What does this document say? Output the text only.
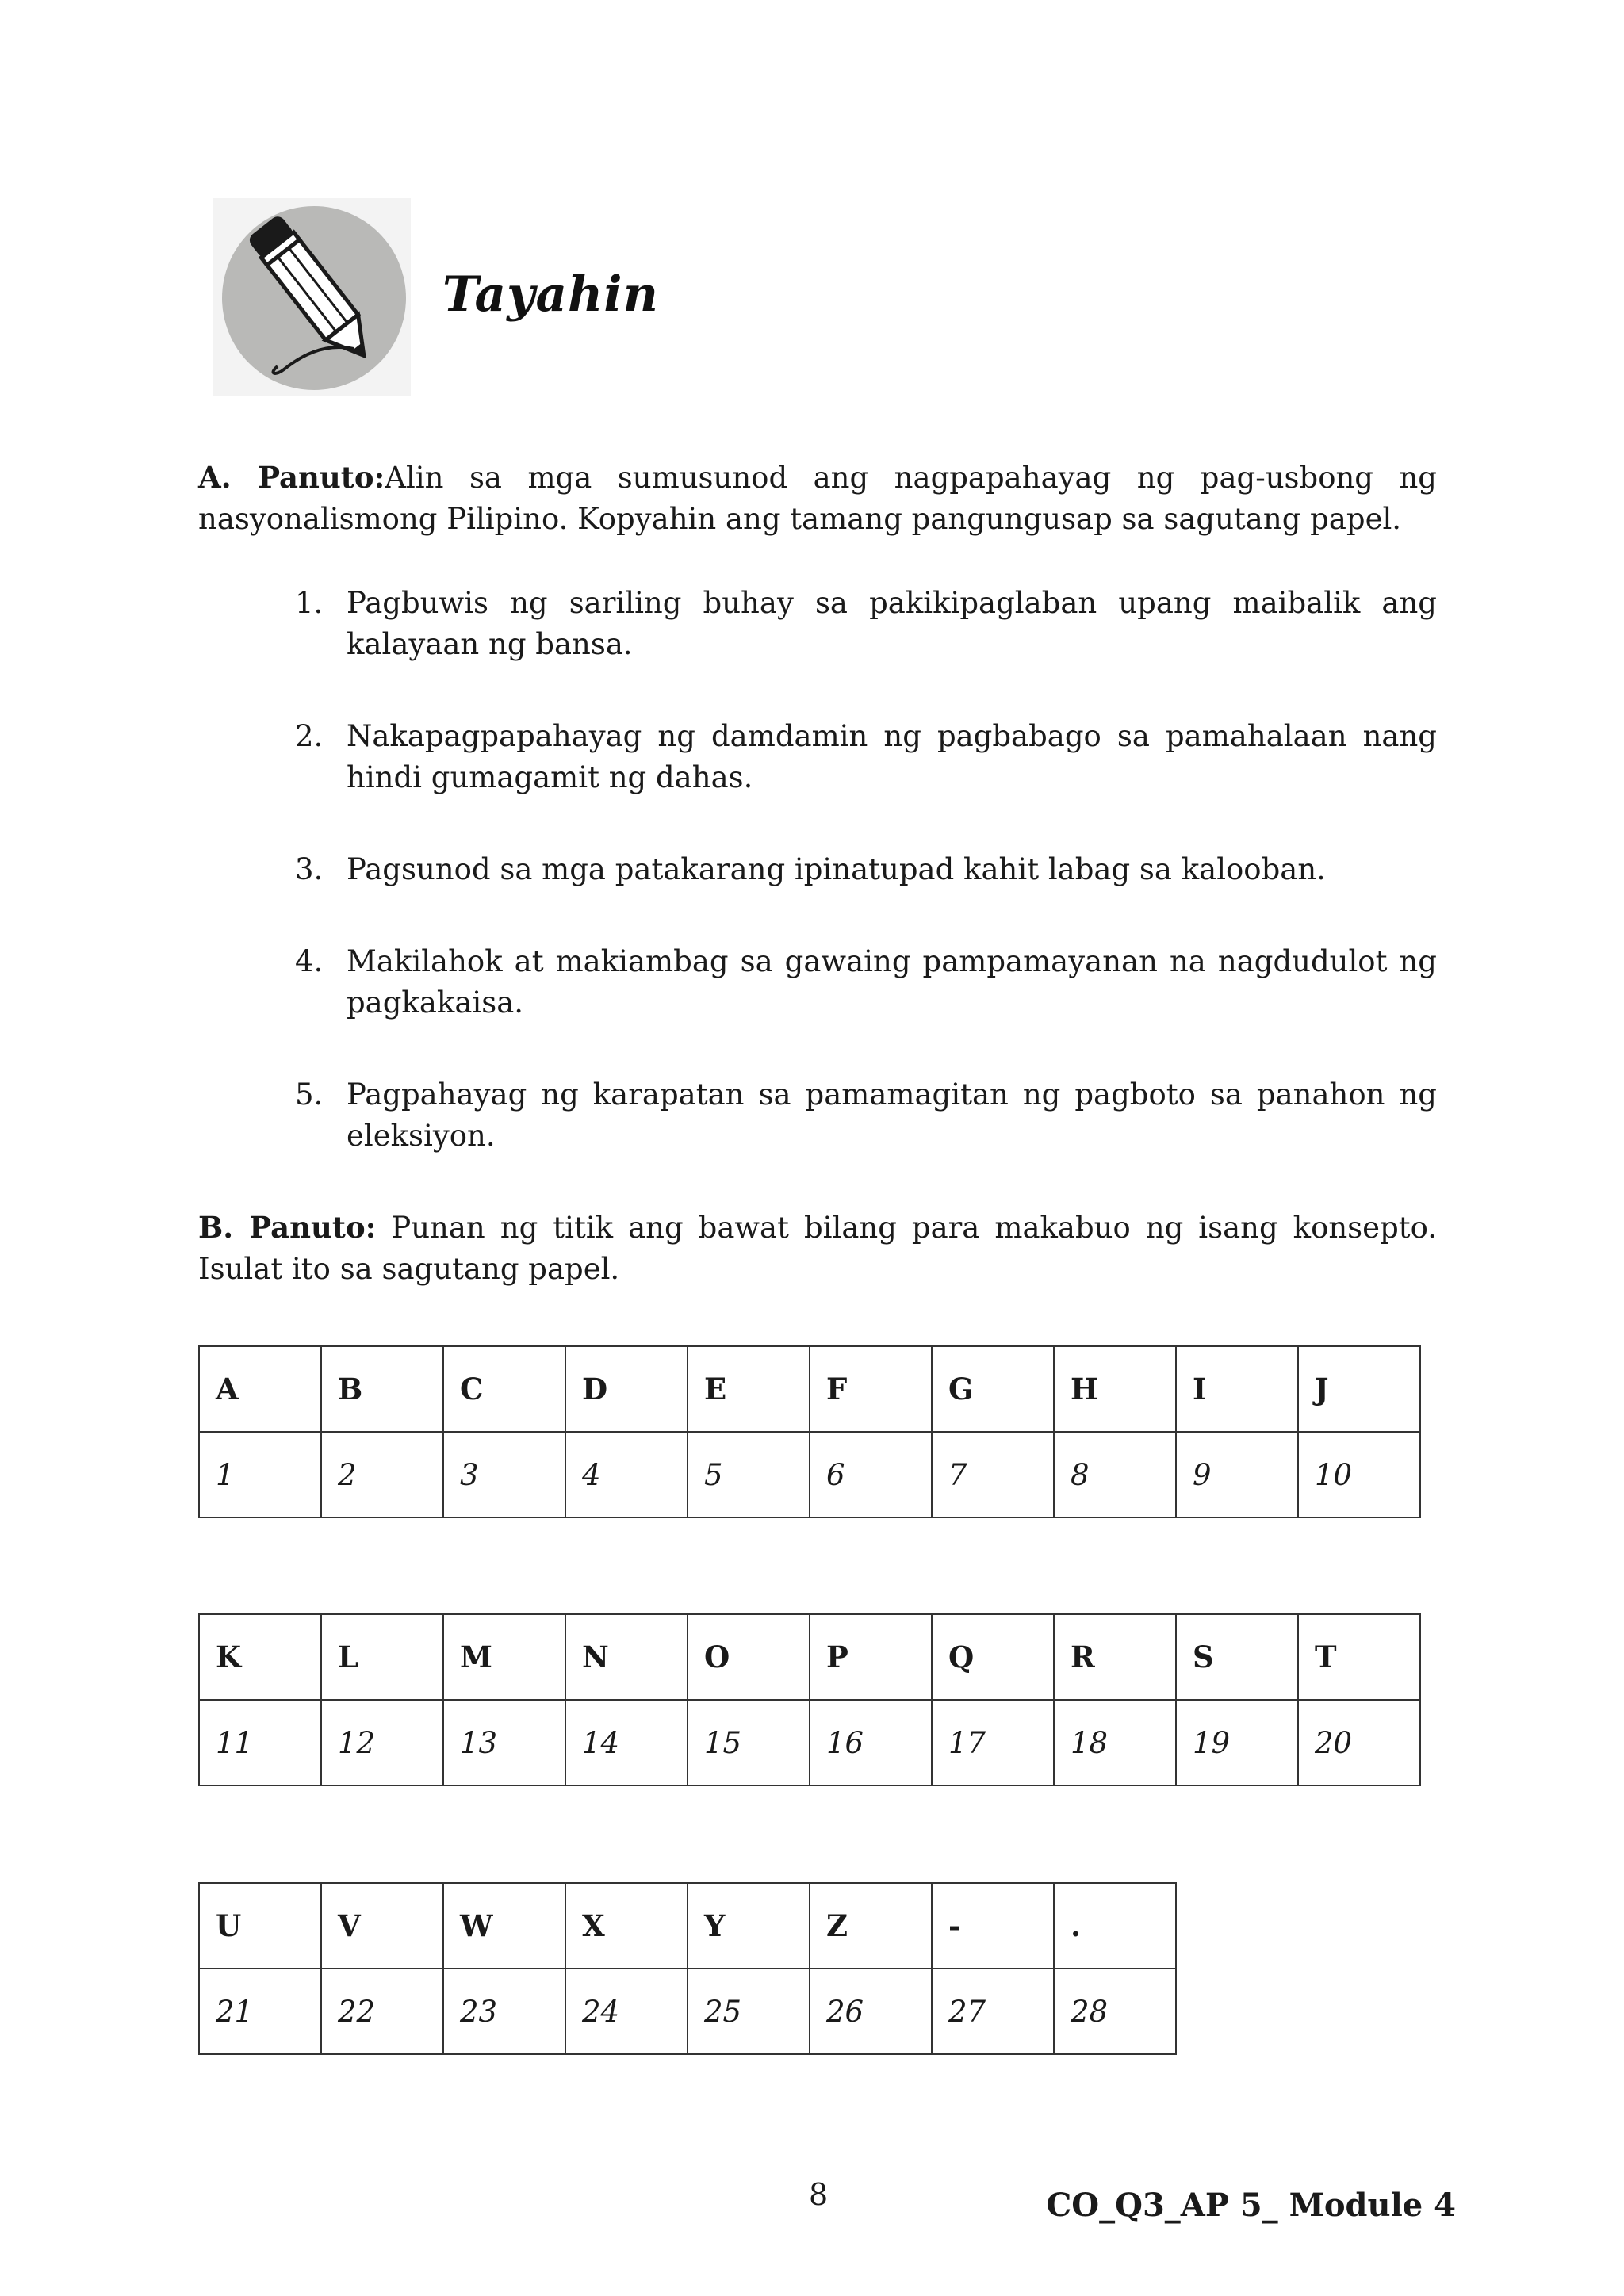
Tayahin
A. Panuto:Alin sa mga sumusunod ang nagpapahayag ng pag-usbong ng nasyonalismong Pilipino. Kopyahin ang tamang pangungusap sa sagutang papel.
1. Pagbuwis ng sariling buhay sa pakikipaglaban upang maibalik ang kalayaan ng bansa.
2. Nakapagpapahayag ng damdamin ng pagbabago sa pamahalaan nang hindi gumagamit ng dahas.
3. Pagsunod sa mga patakarang ipinatupad kahit labag sa kalooban.
4. Makilahok at makiambag sa gawaing pampamayanan na nagdudulot ng pagkakaisa.
5. Pagpahayag ng karapatan sa pamamagitan ng pagboto sa panahon ng eleksiyon.
B. Panuto: Punan ng titik ang bawat bilang para makabuo ng isang konsepto. Isulat ito sa sagutang papel.
A	B	C	D	E	F	G	H	I	J
1	2	3	4	5	6	7	8	9	10
K	L	M	N	O	P	Q	R	S	T
11	12	13	14	15	16	17	18	19	20
U	V	W	X	Y	Z	-	.
21	22	23	24	25	26	27	28
8	CO_Q3_AP 5_ Module 4
